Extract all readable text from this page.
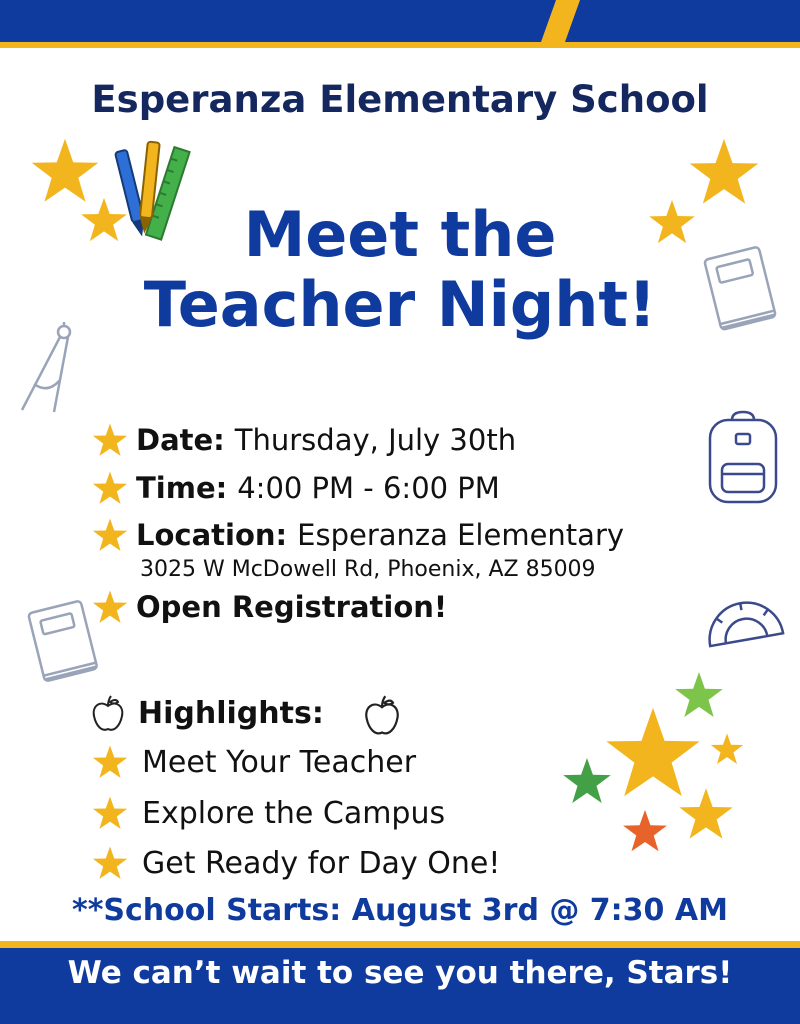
Esperanza Elementary School
Meet the
Teacher Night!
Date: Thursday, July 30th
Time: 4:00 PM - 6:00 PM
Location: Esperanza Elementary
3025 W McDowell Rd, Phoenix, AZ 85009
Open Registration!
Highlights:
Meet Your Teacher
Explore the Campus
Get Ready for Day One!
**School Starts: August 3rd @ 7:30 AM
We can’t wait to see you there, Stars!
